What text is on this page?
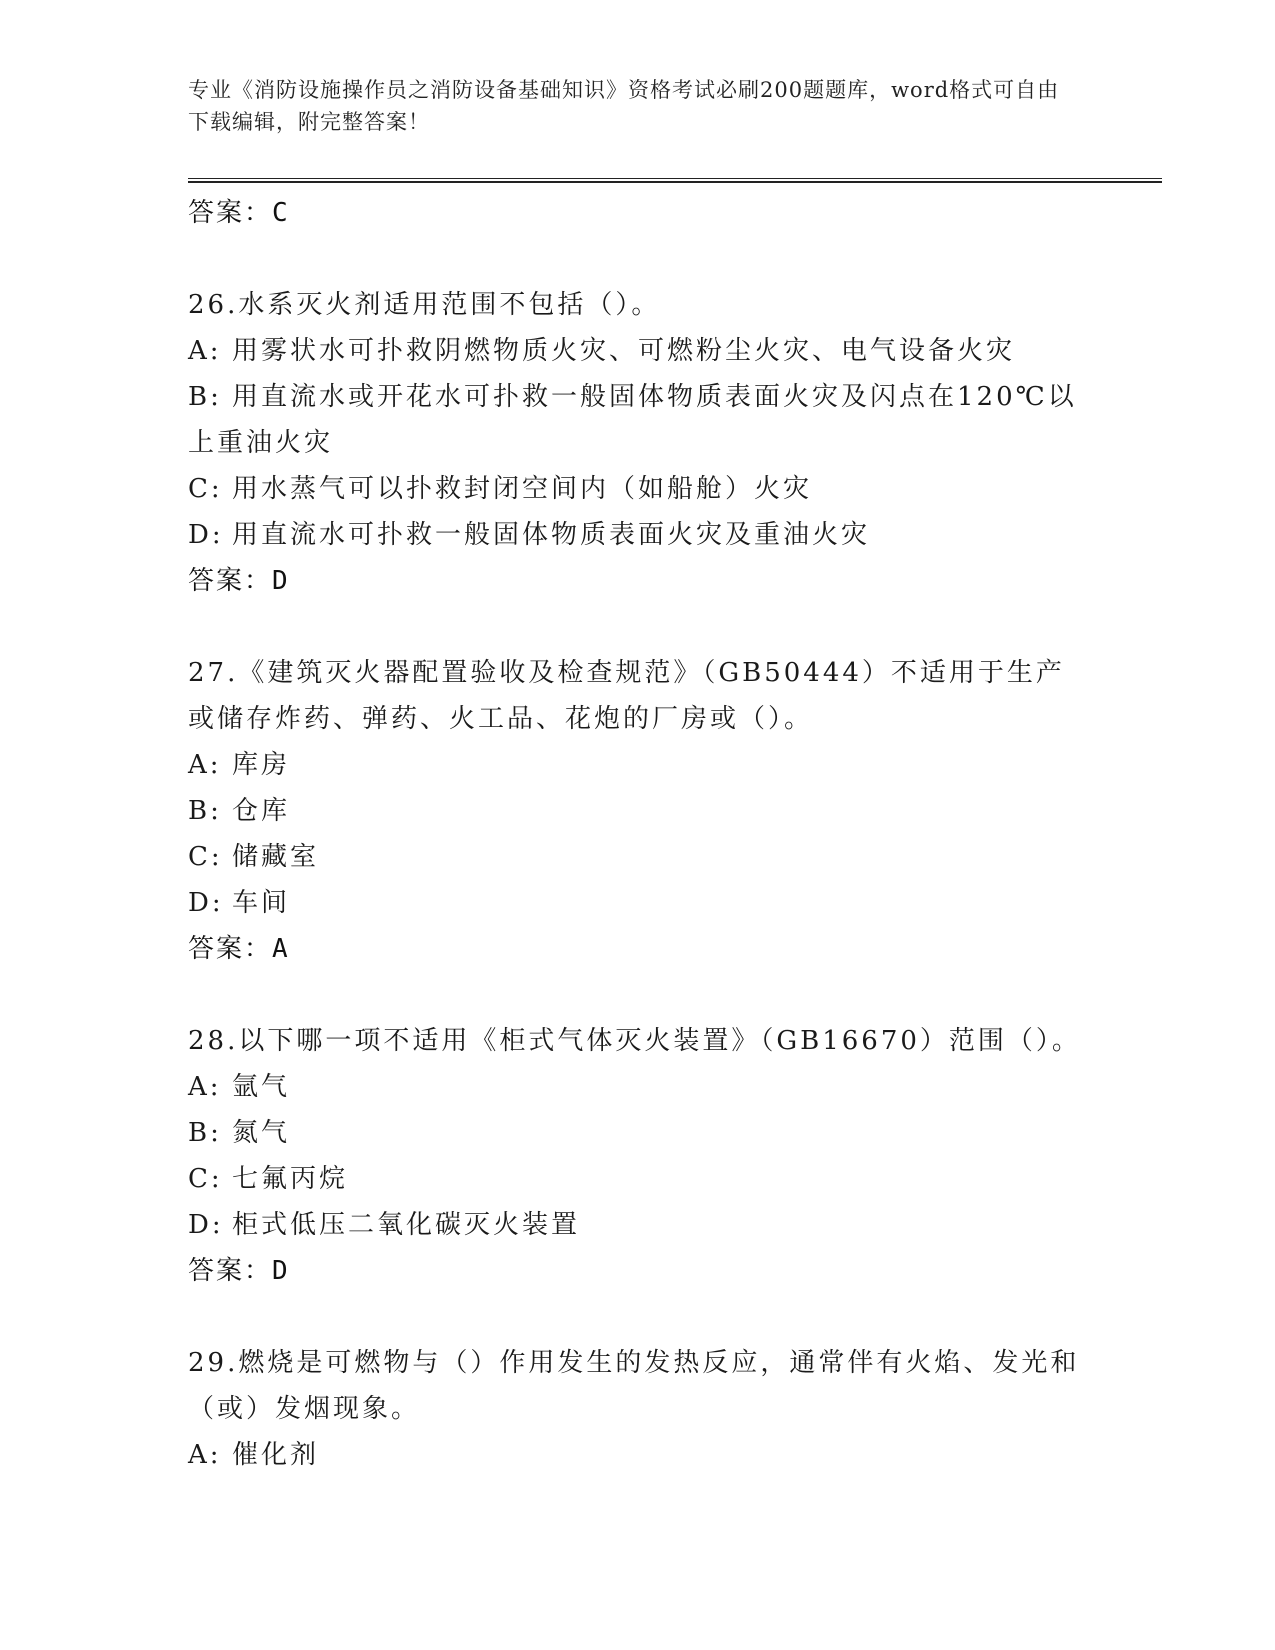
专业《消防设施操作员之消防设备基础知识》资格考试必刷200题题库，word格式可自由下载编辑，附完整答案！
答案：C
26.水系灭火剂适用范围不包括（）。
A: 用雾状水可扑救阴燃物质火灾、可燃粉尘火灾、电气设备火灾
B: 用直流水或开花水可扑救一般固体物质表面火灾及闪点在120℃以上重油火灾
C: 用水蒸气可以扑救封闭空间内（如船舱）火灾
D: 用直流水可扑救一般固体物质表面火灾及重油火灾
答案：D
27.《建筑灭火器配置验收及检查规范》（GB50444）不适用于生产或储存炸药、弹药、火工品、花炮的厂房或（）。
A: 库房
B: 仓库
C: 储藏室
D: 车间
答案：A
28.以下哪一项不适用《柜式气体灭火装置》（GB16670）范围（）。
A: 氩气
B: 氮气
C: 七氟丙烷
D: 柜式低压二氧化碳灭火装置
答案：D
29.燃烧是可燃物与（）作用发生的发热反应，通常伴有火焰、发光和（或）发烟现象。
A: 催化剂
